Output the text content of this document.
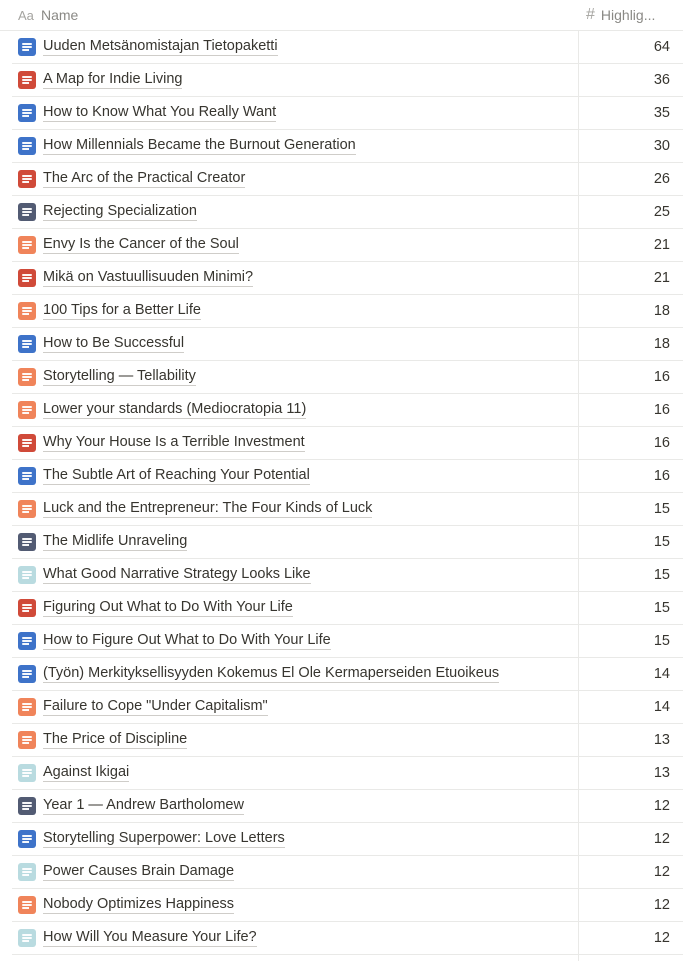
Aa Name	# Highlig...
Uuden Metsänomistajan Tietopaketti	64
A Map for Indie Living	36
How to Know What You Really Want	35
How Millennials Became the Burnout Generation	30
The Arc of the Practical Creator	26
Rejecting Specialization	25
Envy Is the Cancer of the Soul	21
Mikä on Vastuullisuuden Minimi?	21
100 Tips for a Better Life	18
How to Be Successful	18
Storytelling — Tellability	16
Lower your standards (Mediocratopia 11)	16
Why Your House Is a Terrible Investment	16
The Subtle Art of Reaching Your Potential	16
Luck and the Entrepreneur: The Four Kinds of Luck	15
The Midlife Unraveling	15
What Good Narrative Strategy Looks Like	15
Figuring Out What to Do With Your Life	15
How to Figure Out What to Do With Your Life	15
(Työn) Merkityksellisyyden Kokemus El Ole Kermaperseiden Etuoikeus	14
Failure to Cope "Under Capitalism"	14
The Price of Discipline	13
Against Ikigai	13
Year 1 — Andrew Bartholomew	12
Storytelling Superpower: Love Letters	12
Power Causes Brain Damage	12
Nobody Optimizes Happiness	12
How Will You Measure Your Life?	12
